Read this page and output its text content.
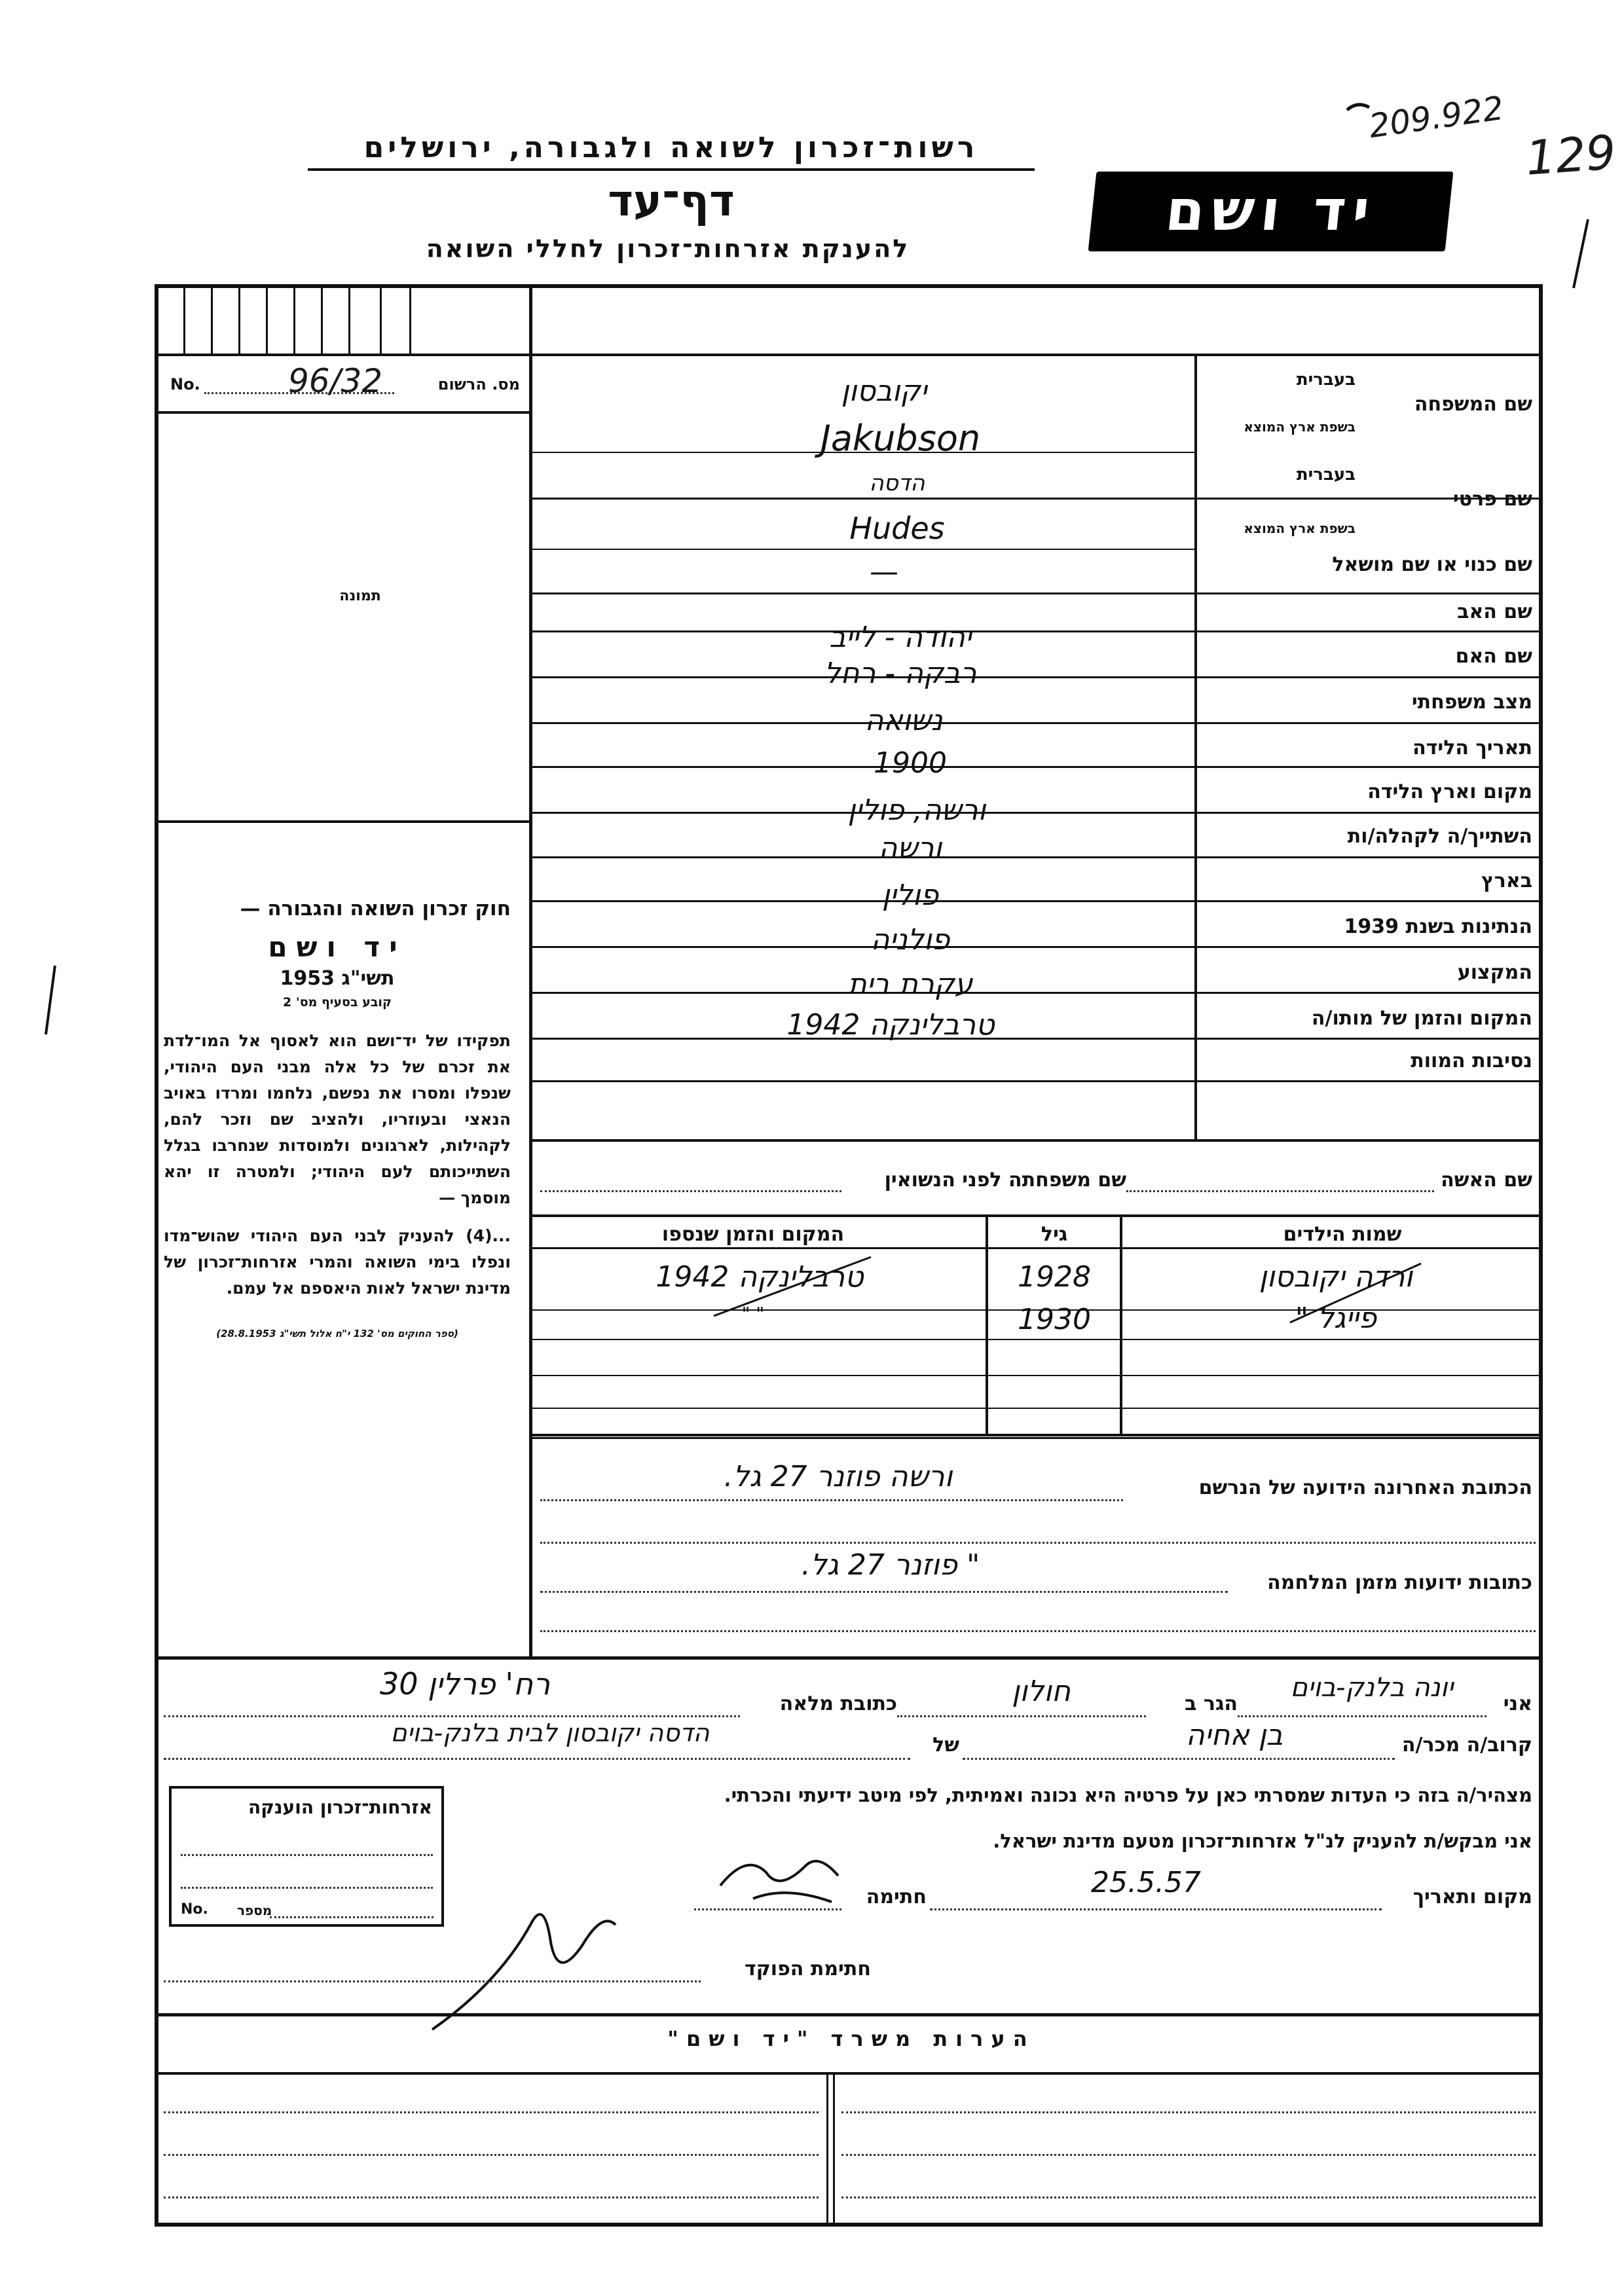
רשות־זכרון לשואה ולגבורה, ירושלים
דף־עד
להענקת אזרחות־זכרון לחללי השואה
יד ושם
209.922
129
No.	96/32	מס. הרשום
תמונה
חוק זכרון השואה והגבורה —
יד ושם
תשי"ג 1953
קובע בסעיף מס' 2
תפקידו של יד־ושם הוא לאסוף אל המו־לדת את זכרם של כל אלה מבני העם היהודי, שנפלו ומסרו את נפשם, נלחמו ומרדו באויב הנאצי ובעוזריו, ולהציב שם וזכר להם, לקהילות, לארגונים ולמוסדות שנחרבו בגלל השתייכותם לעם היהודי; ולמטרה זו יהא מוסמך —
...(4) להעניק לבני העם היהודי שהוש־מדו ונפלו בימי השואה והמרי אזרחות־זכרון של מדינת ישראל לאות היאספם אל עמם.
(ספר החוקים מס' 132 י"ח אלול תשי"ג 28.8.1953)
בעברית
שם המשפחה
בשפת ארץ המוצא
יקובסון
Jakubson
בעברית
שם פרטי
בשפת ארץ המוצא
הדסה
Hudes
שם כנוי או שם מושאל
—
שם האב
יהודה - לייב
שם האם
רבקה - רחל
מצב משפחתי
נשואה
תאריך הלידה
1900
מקום וארץ הלידה
ורשה, פולין
השתייך/ה לקהלה/ות
ורשה
בארץ
פולין
הנתינות בשנת 1939
פולניה
המקצוע
עקרת בית
המקום והזמן של מותו/ה
טרבלינקה 1942
נסיבות המוות
שם האשה
שם משפחתה לפני הנשואין
שמות הילדים
גיל
המקום והזמן שנספו
ורדה יקובסון
1928
טרבלינקה 1942
פייגל "
1930
" "
הכתובת האחרונה הידועה של הנרשם
ורשה פוזנר 27 גל.
כתובות ידועות מזמן המלחמה
" פוזנר 27 גל.
אני
יונה בלנק-בוים
הגר ב
חולון
כתובת מלאה
רח' פרלין 30
קרוב/ה מכר/ה
בן אחיה
של
הדסה יקובסון לבית בלנק-בוים
מצהיר/ה בזה כי העדות שמסרתי כאן על פרטיה היא נכונה ואמיתית, לפי מיטב ידיעתי והכרתי.
אני מבקש/ת להעניק לנ"ל אזרחות־זכרון מטעם מדינת ישראל.
מקום ותאריך
25.5.57
חתימה
חתימת הפוקד
אזרחות־זכרון הוענקה
No. מספר
הערות משרד "יד ושם"
